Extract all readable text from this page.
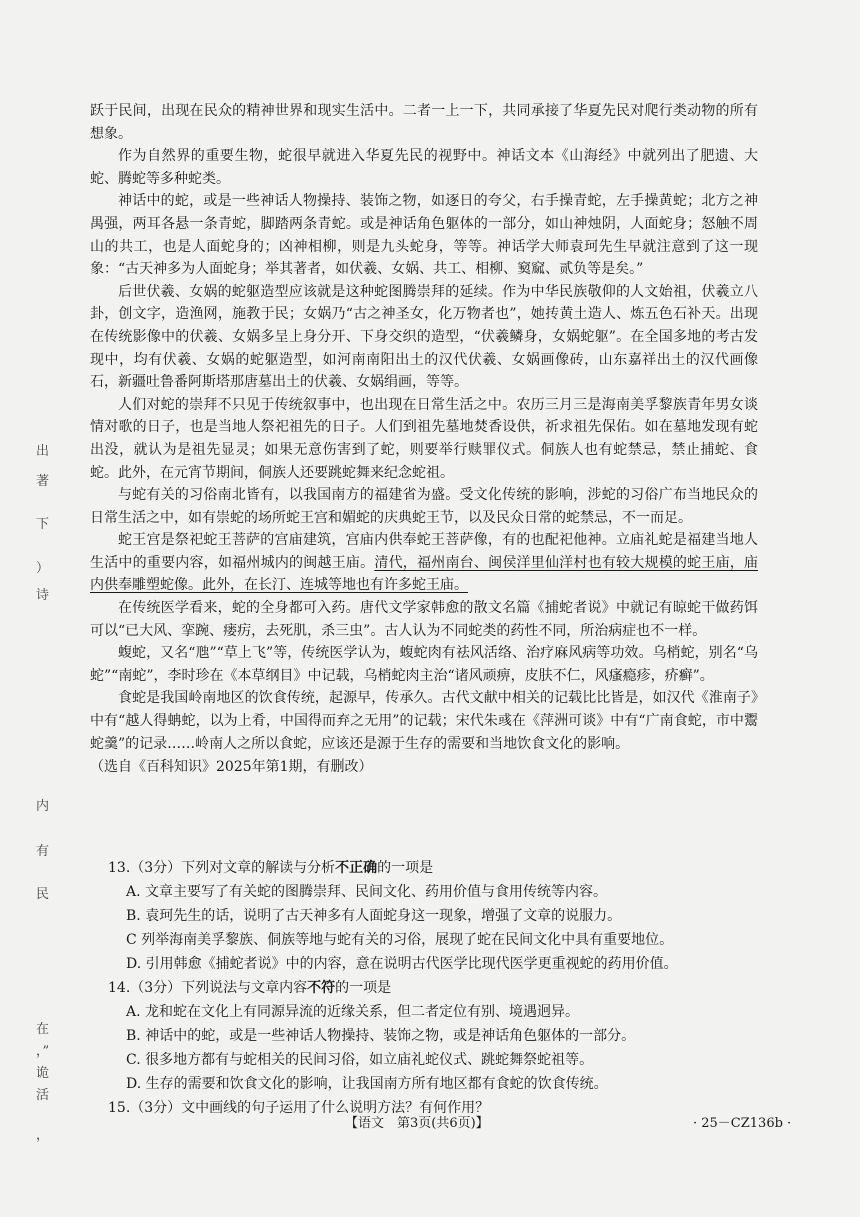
出
著
下
）
诗
内
有
民
在
，”
诡
活
，

跃于民间，出现在民众的精神世界和现实生活中。二者一上一下，共同承接了华夏先民对爬行类动物的所有想象。

作为自然界的重要生物，蛇很早就进入华夏先民的视野中。神话文本《山海经》中就列出了肥遗、大蛇、腾蛇等多种蛇类。

神话中的蛇，或是一些神话人物操持、装饰之物，如逐日的夸父，右手操青蛇，左手操黄蛇；北方之神禺强，两耳各悬一条青蛇，脚踏两条青蛇。或是神话角色躯体的一部分，如山神烛阴，人面蛇身；怒触不周山的共工，也是人面蛇身的；凶神相柳，则是九头蛇身，等等。神话学大师袁珂先生早就注意到了这一现象：“古天神多为人面蛇身；举其著者，如伏羲、女娲、共工、相柳、窫窳、贰负等是矣。”

后世伏羲、女娲的蛇躯造型应该就是这种蛇图腾崇拜的延续。作为中华民族敬仰的人文始祖，伏羲立八卦，创文字，造渔网，施教于民；女娲乃“古之神圣女，化万物者也”，她抟黄土造人、炼五色石补天。出现在传统影像中的伏羲、女娲多呈上身分开、下身交织的造型，“伏羲鳞身，女娲蛇躯”。在全国多地的考古发现中，均有伏羲、女娲的蛇躯造型，如河南南阳出土的汉代伏羲、女娲画像砖，山东嘉祥出土的汉代画像石，新疆吐鲁番阿斯塔那唐墓出土的伏羲、女娲绢画，等等。

人们对蛇的崇拜不只见于传统叙事中，也出现在日常生活之中。农历三月三是海南美孚黎族青年男女谈情对歌的日子，也是当地人祭祀祖先的日子。人们到祖先墓地焚香设供，祈求祖先保佑。如在墓地发现有蛇出没，就认为是祖先显灵；如果无意伤害到了蛇，则要举行赎罪仪式。侗族人也有蛇禁忌，禁止捕蛇、食蛇。此外，在元宵节期间，侗族人还要跳蛇舞来纪念蛇祖。

与蛇有关的习俗南北皆有，以我国南方的福建省为盛。受文化传统的影响，涉蛇的习俗广布当地民众的日常生活之中，如有崇蛇的场所蛇王宫和媚蛇的庆典蛇王节，以及民众日常的蛇禁忌，不一而足。

蛇王宫是祭祀蛇王菩萨的宫庙建筑，宫庙内供奉蛇王菩萨像，有的也配祀他神。立庙礼蛇是福建当地人生活中的重要内容，如福州城内的闽越王庙。清代，福州南台、闽侯洋里仙洋村也有较大规模的蛇王庙，庙内供奉雕塑蛇像。此外，在长汀、连城等地也有许多蛇王庙。

在传统医学看来，蛇的全身都可入药。唐代文学家韩愈的散文名篇《捕蛇者说》中就记有晾蛇干做药饵可以“已大风、挛踠、瘘疠，去死肌，杀三虫”。古人认为不同蛇类的药性不同，所治病症也不一样。

蝮蛇，又名“虺”“草上飞”等，传统医学认为，蝮蛇肉有祛风活络、治疗麻风病等功效。乌梢蛇，别名“乌蛇”“南蛇”，李时珍在《本草纲目》中记载，乌梢蛇肉主治“诸风顽痹，皮肤不仁，风瘙瘾疹，疥癣”。

食蛇是我国岭南地区的饮食传统，起源早，传承久。古代文献中相关的记载比比皆是，如汉代《淮南子》中有“越人得蚺蛇，以为上肴，中国得而弃之无用”的记载；宋代朱彧在《萍洲可谈》中有“广南食蛇，市中鬻蛇羹”的记录……岭南人之所以食蛇，应该还是源于生存的需要和当地饮食文化的影响。

（选自《百科知识》2025年第1期，有删改）

13.（3分）下列对文章的解读与分析不正确的一项是

A. 文章主要写了有关蛇的图腾崇拜、民间文化、药用价值与食用传统等内容。

B. 袁珂先生的话，说明了古天神多有人面蛇身这一现象，增强了文章的说服力。

C 列举海南美孚黎族、侗族等地与蛇有关的习俗，展现了蛇在民间文化中具有重要地位。

D. 引用韩愈《捕蛇者说》中的内容，意在说明古代医学比现代医学更重视蛇的药用价值。

14.（3分）下列说法与文章内容不符的一项是

A. 龙和蛇在文化上有同源异流的近缘关系，但二者定位有别、境遇迥异。

B. 神话中的蛇，或是一些神话人物操持、装饰之物，或是神话角色躯体的一部分。

C. 很多地方都有与蛇相关的民间习俗，如立庙礼蛇仪式、跳蛇舞祭蛇祖等。

D. 生存的需要和饮食文化的影响，让我国南方所有地区都有食蛇的饮食传统。

15.（3分）文中画线的句子运用了什么说明方法？有何作用？

【语文　第3页(共6页)】	· 25－CZ136b ·
